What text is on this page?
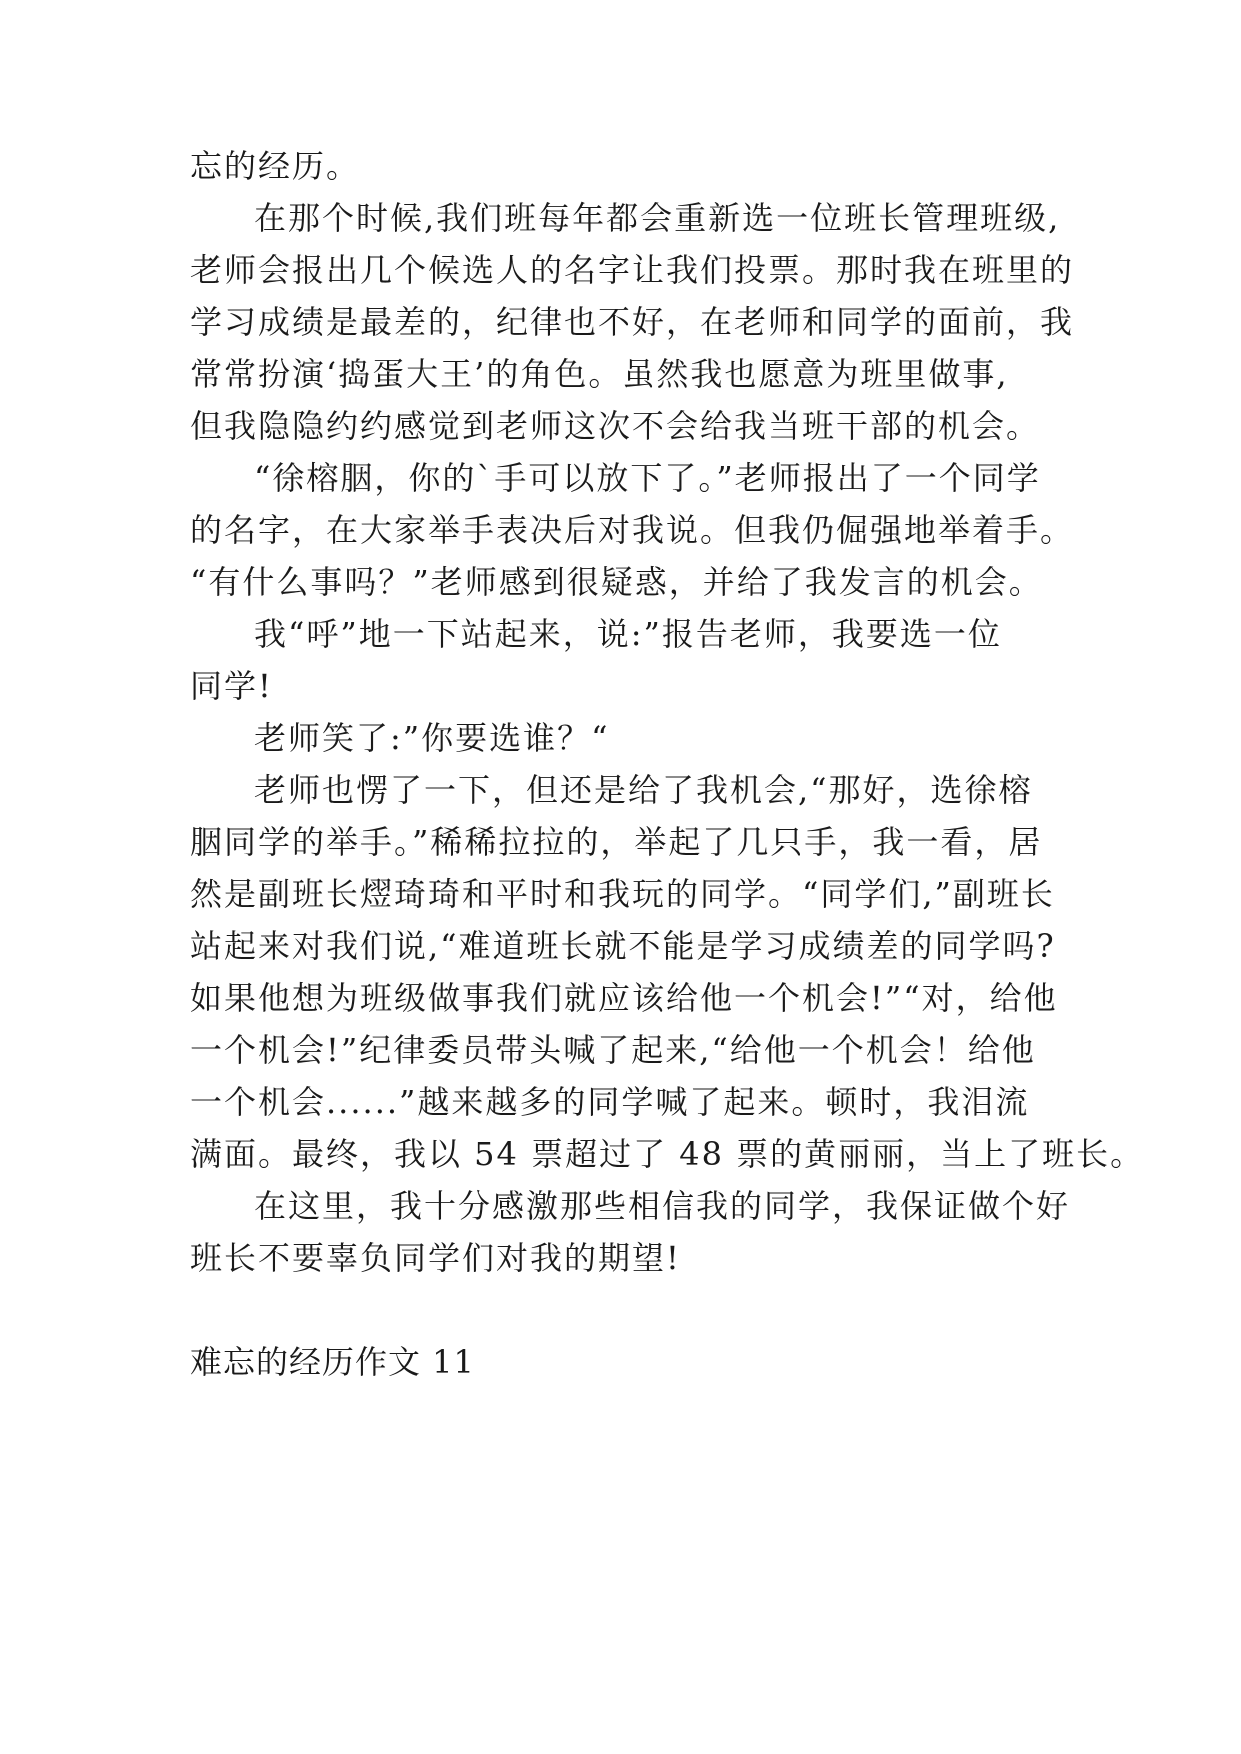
忘的经历。
在那个时候,我们班每年都会重新选一位班长管理班级,
老师会报出几个候选人的名字让我们投票。那时我在班里的
学习成绩是最差的，纪律也不好，在老师和同学的面前，我
常常扮演‘捣蛋大王’的角色。虽然我也愿意为班里做事,
但我隐隐约约感觉到老师这次不会给我当班干部的机会。
“徐榕胭，你的`手可以放下了。”老师报出了一个同学
的名字，在大家举手表决后对我说。但我仍倔强地举着手。
“有什么事吗？”老师感到很疑惑，并给了我发言的机会。
我“呼”地一下站起来，说:”报告老师，我要选一位
同学!
老师笑了:”你要选谁？“
老师也愣了一下，但还是给了我机会,“那好，选徐榕
胭同学的举手。”稀稀拉拉的，举起了几只手，我一看，居
然是副班长熤琦琦和平时和我玩的同学。“同学们,”副班长
站起来对我们说,“难道班长就不能是学习成绩差的同学吗?
如果他想为班级做事我们就应该给他一个机会!”“对，给他
一个机会!”纪律委员带头喊了起来,“给他一个机会！给他
一个机会......”越来越多的同学喊了起来。顿时，我泪流
满面。最终，我以 54 票超过了 48 票的黄丽丽，当上了班长。
在这里，我十分感激那些相信我的同学，我保证做个好
班长不要辜负同学们对我的期望!
难忘的经历作文 11
